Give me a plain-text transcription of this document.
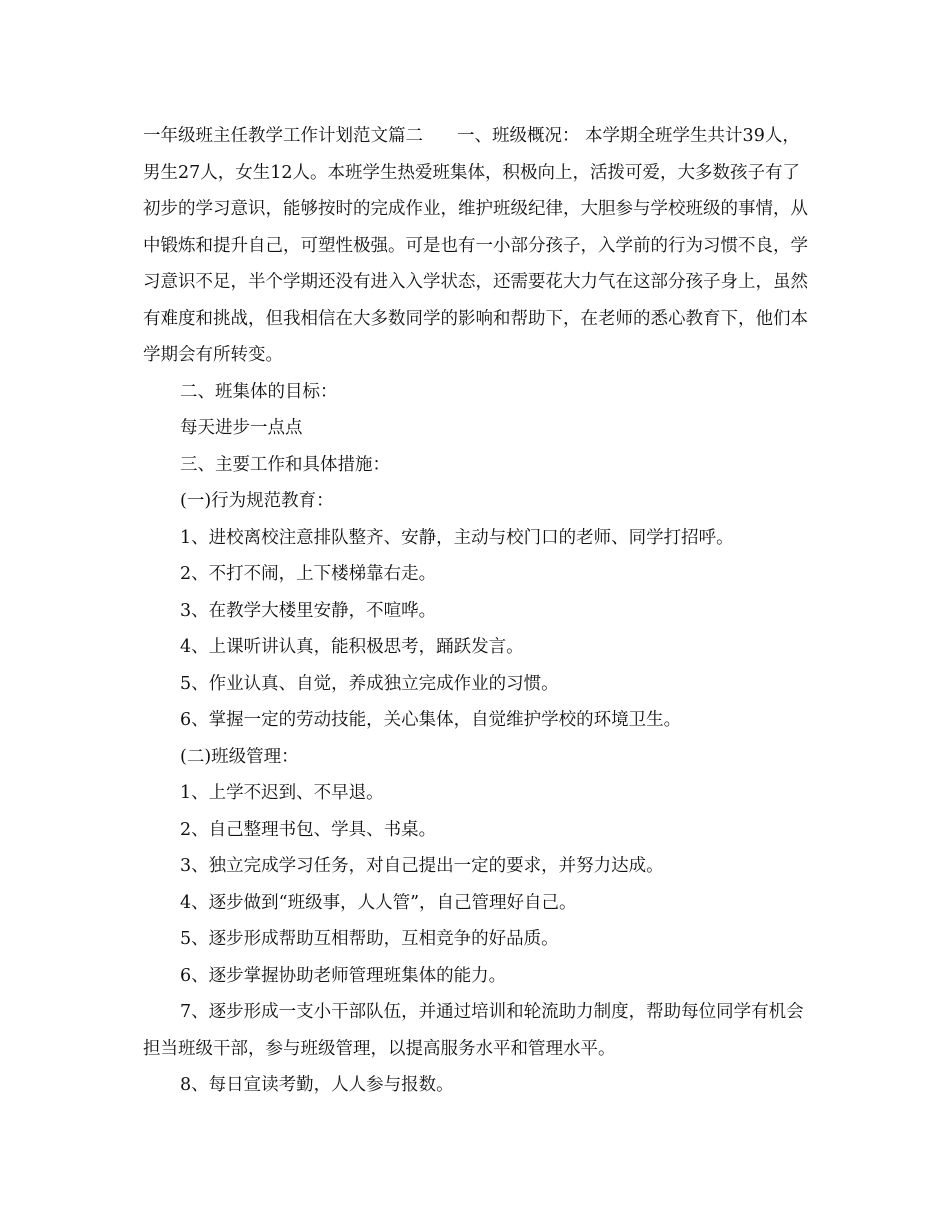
一年级班主任教学工作计划范文篇二 一、班级概况： 本学期全班学生共计39人，男生27人，女生12人。本班学生热爱班集体，积极向上，活拨可爱，大多数孩子有了初步的学习意识，能够按时的完成作业，维护班级纪律，大胆参与学校班级的事情，从中锻炼和提升自己，可塑性极强。可是也有一小部分孩子，入学前的行为习惯不良，学习意识不足，半个学期还没有进入入学状态，还需要花大力气在这部分孩子身上，虽然有难度和挑战，但我相信在大多数同学的影响和帮助下，在老师的悉心教育下，他们本学期会有所转变。

二、班集体的目标：

每天进步一点点

三、主要工作和具体措施：

(一)行为规范教育：

1、进校离校注意排队整齐、安静，主动与校门口的老师、同学打招呼。

2、不打不闹，上下楼梯靠右走。

3、在教学大楼里安静，不喧哗。

4、上课听讲认真，能积极思考，踊跃发言。

5、作业认真、自觉，养成独立完成作业的习惯。

6、掌握一定的劳动技能，关心集体，自觉维护学校的环境卫生。

(二)班级管理：

1、上学不迟到、不早退。

2、自己整理书包、学具、书桌。

3、独立完成学习任务，对自己提出一定的要求，并努力达成。

4、逐步做到“班级事，人人管”，自己管理好自己。

5、逐步形成帮助互相帮助，互相竞争的好品质。

6、逐步掌握协助老师管理班集体的能力。

7、逐步形成一支小干部队伍，并通过培训和轮流助力制度，帮助每位同学有机会担当班级干部，参与班级管理，以提高服务水平和管理水平。

8、每日宣读考勤，人人参与报数。
